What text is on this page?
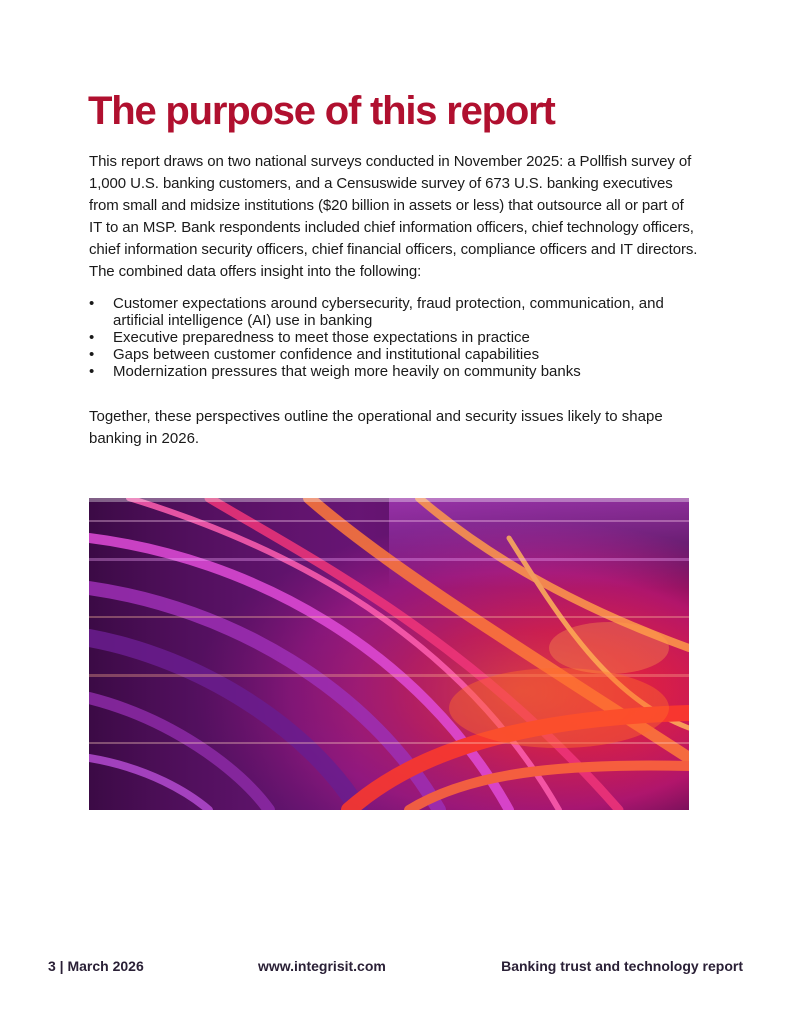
The purpose of this report

This report draws on two national surveys conducted in November 2025: a Pollfish survey of 1,000 U.S. banking customers, and a Censuswide survey of 673 U.S. banking executives from small and midsize institutions ($20 billion in assets or less) that outsource all or part of IT to an MSP. Bank respondents included chief information officers, chief technology officers, chief information security officers, chief financial officers, compliance officers and IT directors. The combined data offers insight into the following:

• Customer expectations around cybersecurity, fraud protection, communication, and artificial intelligence (AI) use in banking
• Executive preparedness to meet those expectations in practice
• Gaps between customer confidence and institutional capabilities
• Modernization pressures that weigh more heavily on community banks

Together, these perspectives outline the operational and security issues likely to shape banking in 2026.

3 | March 2026	www.integrisit.com	Banking trust and technology report
